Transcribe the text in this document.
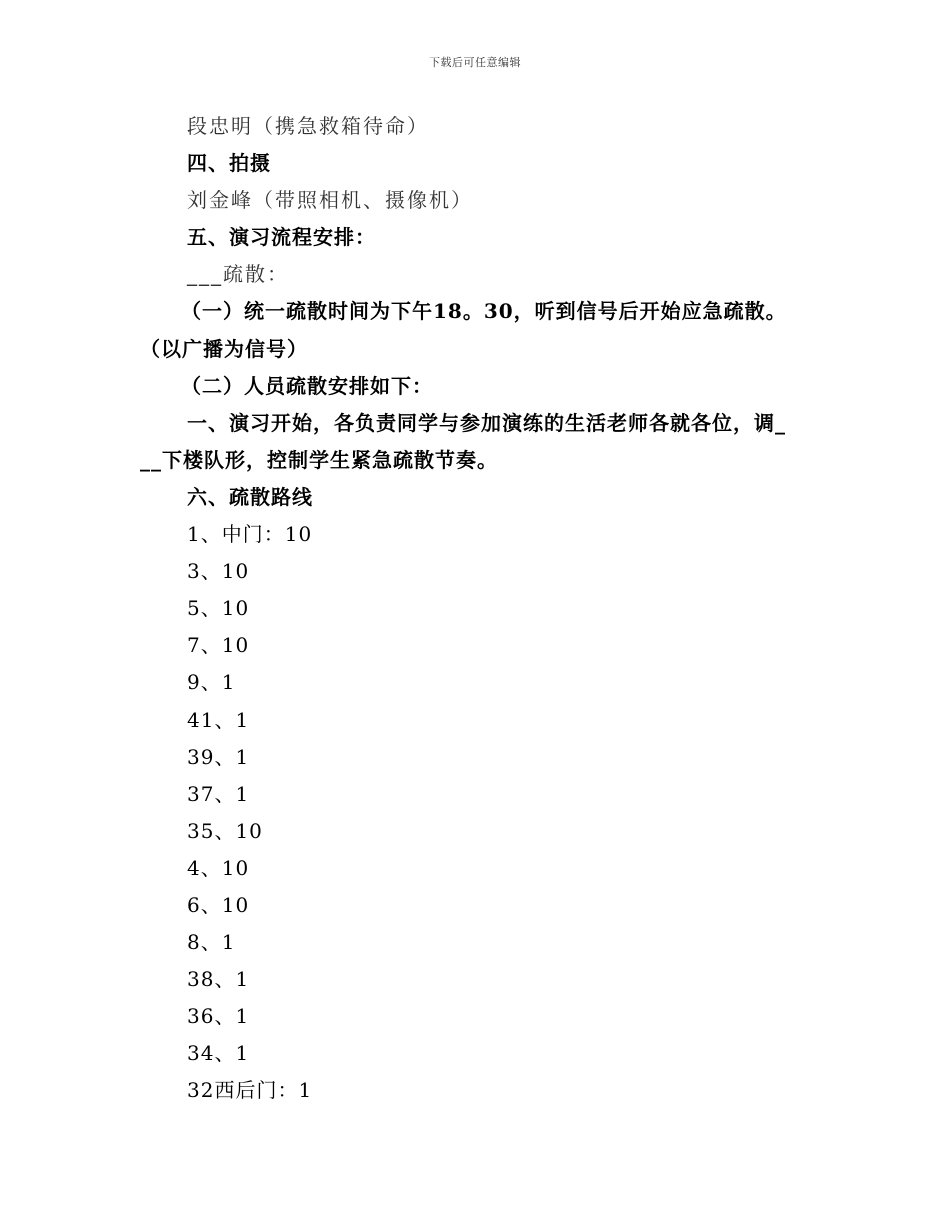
下载后可任意编辑
段忠明（携急救箱待命）
四、拍摄
刘金峰（带照相机、摄像机）
五、演习流程安排：
___疏散：
（一）统一疏散时间为下午18。30，听到信号后开始应急疏散。
（以广播为信号）
（二）人员疏散安排如下：
一、演习开始，各负责同学与参加演练的生活老师各就各位，调_
__下楼队形，控制学生紧急疏散节奏。
六、疏散路线
1、中门：10
3、10
5、10
7、10
9、1
41、1
39、1
37、1
35、10
4、10
6、10
8、1
38、1
36、1
34、1
32西后门：1
